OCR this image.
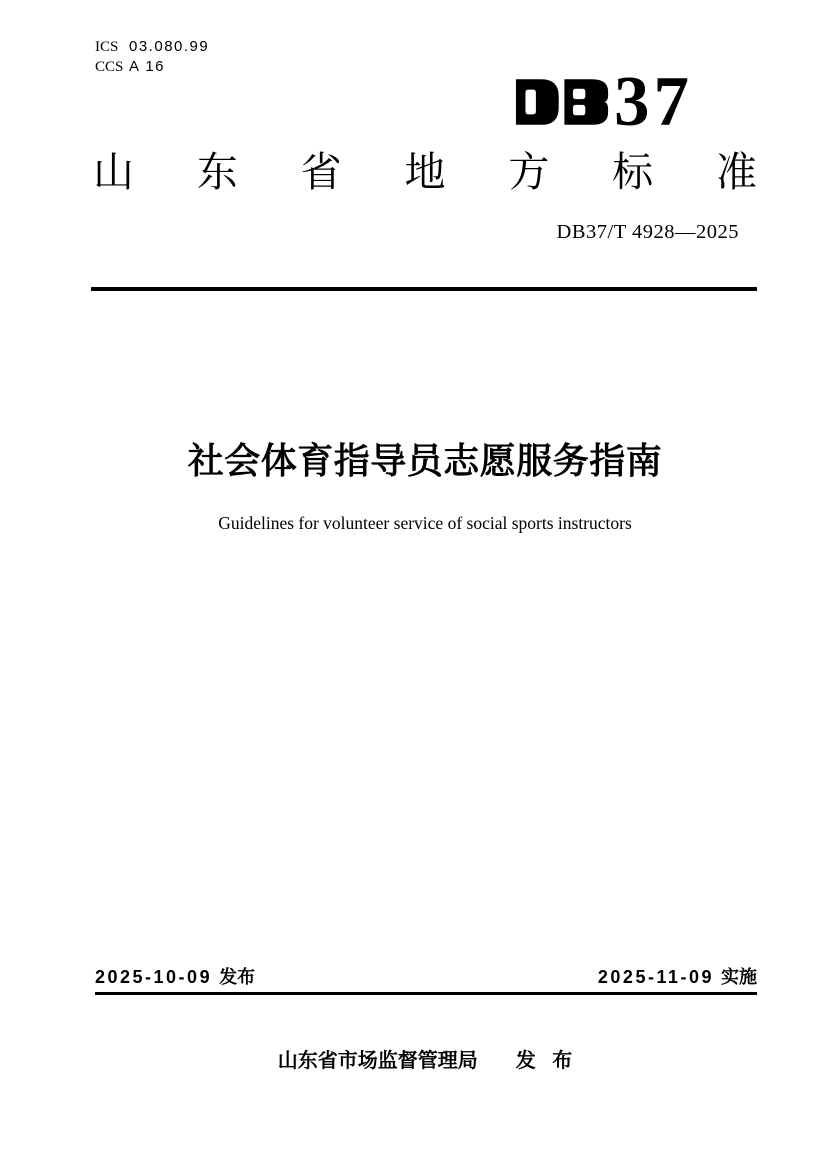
ICS 03.080.99
CCS A 16	37
山 东 省 地 方 标 准
DB37/T 4928—2025
社会体育指导员志愿服务指南
Guidelines for volunteer service of social sports instructors
2025-10-09 发布	2025-11-09 实施
山东省市场监督管理局 发 布
